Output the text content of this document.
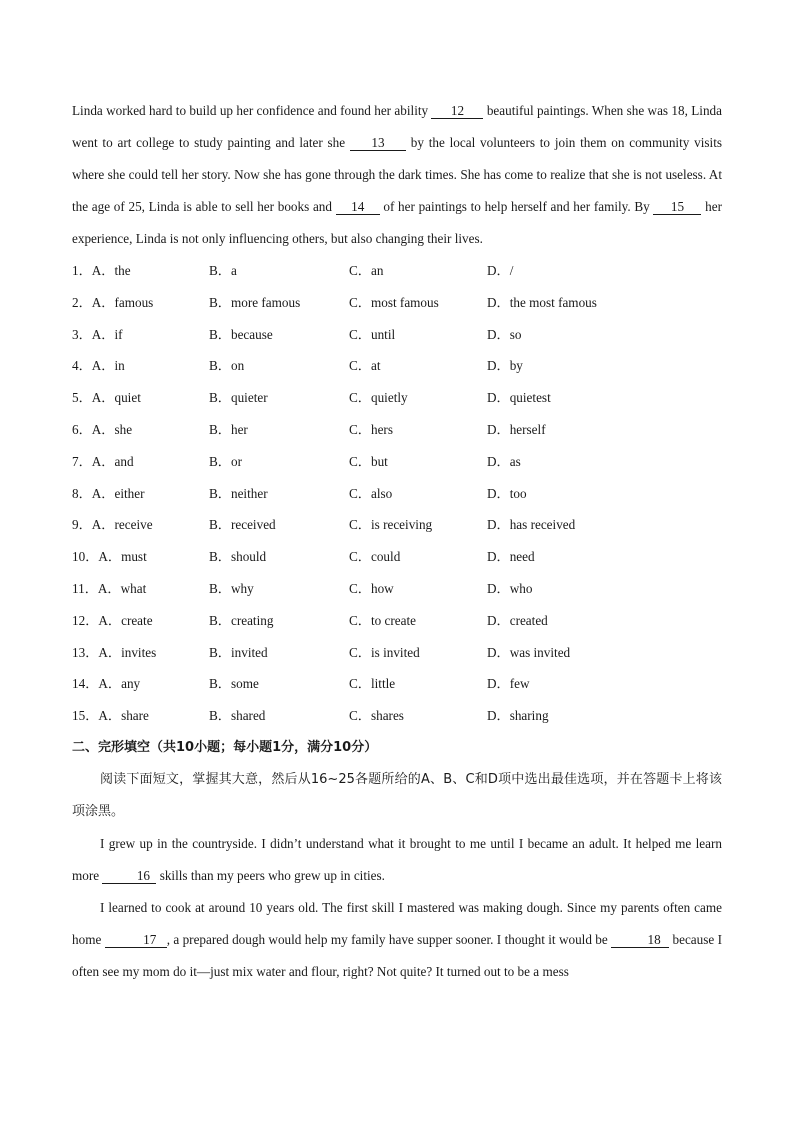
Linda worked hard to build up her confidence and found her ability 12 beautiful paintings. When she was 18, Linda went to art college to study painting and later she 13 by the local volunteers to join them on community visits where she could tell her story. Now she has gone through the dark times. She has come to realize that she is not useless. At the age of 25, Linda is able to sell her books and 14 of her paintings to help herself and her family. By 15 her experience, Linda is not only influencing others, but also changing their lives.

1．A．the	B．a	C．an	D．/
2．A．famous	B．more famous	C．most famous	D．the most famous
3．A．if	B．because	C．until	D．so
4．A．in	B．on	C．at	D．by
5．A．quiet	B．quieter	C．quietly	D．quietest
6．A．she	B．her	C．hers	D．herself
7．A．and	B．or	C．but	D．as
8．A．either	B．neither	C．also	D．too
9．A．receive	B．received	C．is receiving	D．has received
10．A．must	B．should	C．could	D．need
11．A．what	B．why	C．how	D．who
12．A．create	B．creating	C．to create	D．created
13．A．invites	B．invited	C．is invited	D．was invited
14．A．any	B．some	C．little	D．few
15．A．share	B．shared	C．shares	D．sharing

二、完形填空（共10小题；每小题1分，满分10分）

阅读下面短文，掌握其大意，然后从16~25各题所给的A、B、C和D项中选出最佳选项，并在答题卡上将该项涂黑。

I grew up in the countryside. I didn’t understand what it brought to me until I became an adult. It helped me learn more	16 skills than my peers who grew up in cities.

I learned to cook at around 10 years old. The first skill I mastered was making dough. Since my parents often came home	17 , a prepared dough would help my family have supper sooner. I thought it would be	18 because I often see my mom do it—just mix water and flour, right? Not quite? It turned out to be a mess
